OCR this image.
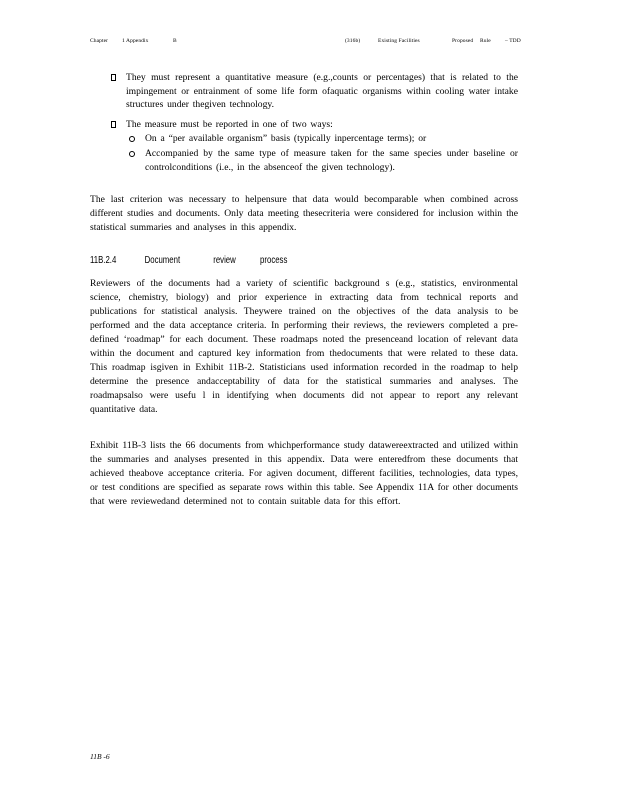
Chapter	1 Appendix	B	(316b)	Existing Facilities	Proposed Rule	– TDD
They must represent a quantitative measure (e.g.,counts or percentages) that is related to the impingement or entrainment of some life form ofaquatic organisms within cooling water intake structures under thegiven technology.
The measure must be reported in one of two ways:
On a “per available organism” basis (typically inpercentage terms); or
Accompanied by the same type of measure taken for the same species under baseline or controlconditions (i.e., in the absenceof the given technology).
The last criterion was necessary to helpensure that data would becomparable when combined across different studies and documents. Only data meeting thesecriteria were considered for inclusion within the statistical summaries and analyses in this appendix.
11B.2.4	Document	review process
Reviewers of the documents had a variety of scientific background s (e.g., statistics, environmental science, chemistry, biology) and prior experience in extracting data from technical reports and publications for statistical analysis. Theywere trained on the objectives of the data analysis to be performed and the data acceptance criteria. In performing their reviews, the reviewers completed a pre-defined ‘roadmap” for each document. These roadmaps noted the presenceand location of relevant data within the document and captured key information from thedocuments that were related to these data. This roadmap isgiven in Exhibit 11B-2. Statisticians used information recorded in the roadmap to help determine the presence andacceptability of data for the statistical summaries and analyses. The roadmapsalso were usefu l in identifying when documents did not appear to report any relevant quantitative data.
Exhibit 11B-3 lists the 66 documents from whichperformance study datawereextracted and utilized within the summaries and analyses presented in this appendix. Data were enteredfrom these documents that achieved theabove acceptance criteria. For agiven document, different facilities, technologies, data types, or test conditions are specified as separate rows within this table. See Appendix 11A for other documents that were reviewedand determined not to contain suitable data for this effort.
11B -6
